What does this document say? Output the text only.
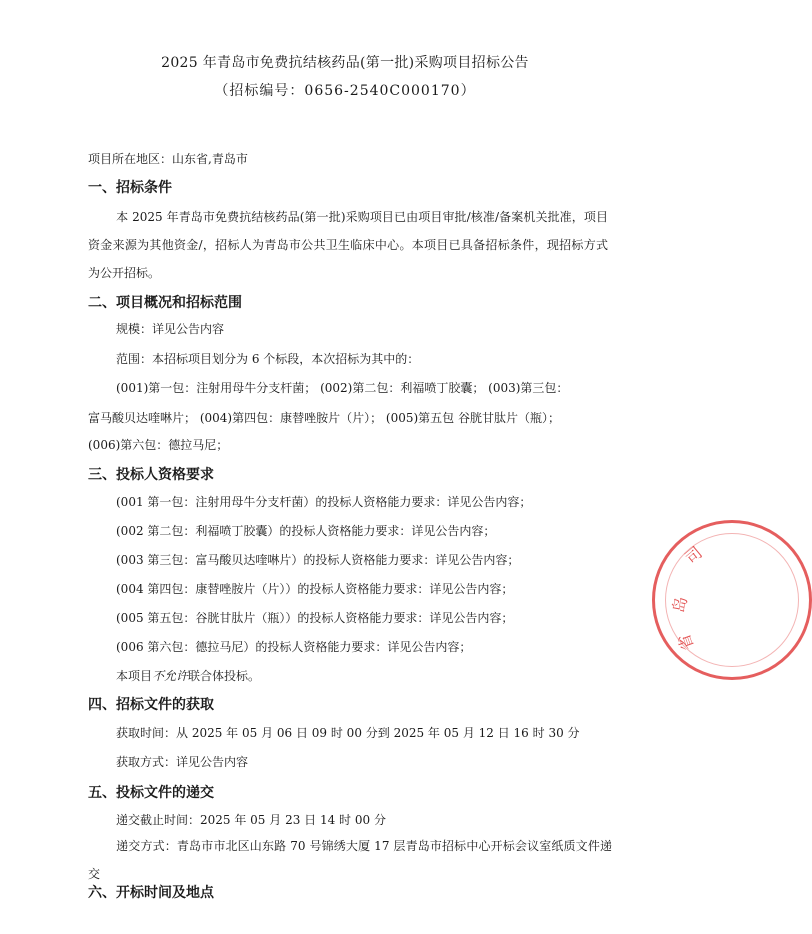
2025 年青岛市免费抗结核药品(第一批)采购项目招标公告
（招标编号：0656-2540C000170）
项目所在地区：山东省,青岛市
一、招标条件
本 2025 年青岛市免费抗结核药品(第一批)采购项目已由项目审批/核准/备案机关批准，项目资金来源为其他资金/，招标人为青岛市公共卫生临床中心。本项目已具备招标条件，现招标方式为公开招标。
二、项目概况和招标范围
规模：详见公告内容
范围：本招标项目划分为 6 个标段，本次招标为其中的：
(001)第一包：注射用母牛分支杆菌； (002)第二包：利福喷丁胶囊； (003)第三包：
富马酸贝达喹啉片； (004)第四包：康替唑胺片（片）； (005)第五包 谷胱甘肽片（瓶）；
(006)第六包：德拉马尼；
三、投标人资格要求
(001 第一包：注射用母牛分支杆菌）的投标人资格能力要求：详见公告内容；
(002 第二包：利福喷丁胶囊）的投标人资格能力要求：详见公告内容；
(003 第三包：富马酸贝达喹啉片）的投标人资格能力要求：详见公告内容；
(004 第四包：康替唑胺片（片））的投标人资格能力要求：详见公告内容；
(005 第五包：谷胱甘肽片（瓶））的投标人资格能力要求：详见公告内容；
(006 第六包：德拉马尼）的投标人资格能力要求：详见公告内容；
本项目不允许联合体投标。
四、招标文件的获取
获取时间：从 2025 年 05 月 06 日 09 时 00 分到 2025 年 05 月 12 日 16 时 30 分
获取方式：详见公告内容
五、投标文件的递交
递交截止时间：2025 年 05 月 23 日 14 时 00 分
递交方式：青岛市市北区山东路 70 号锦绣大厦 17 层青岛市招标中心开标会议室纸质文件递交
六、开标时间及地点
司
岛
省
